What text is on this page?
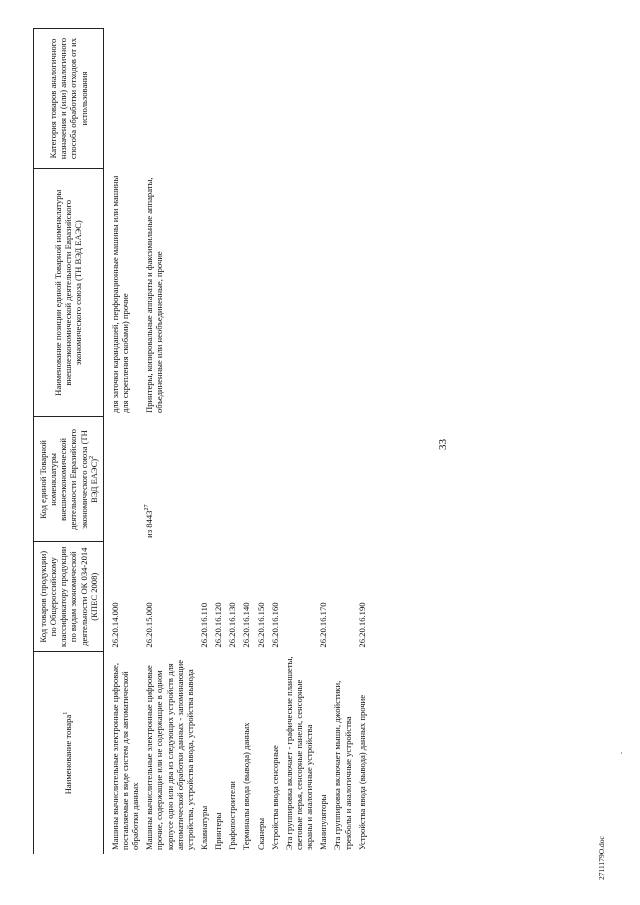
Наименование товара$^1$	Код товаров (продукции) по Общероссийскому классификатору продукции по видам экономической деятельности ОК 034-2014 (КПЕС 2008)	Код единой Товарной номенклатуры внешнеэкономической деятельности Евразийского экономического союза (ТН ВЭД ЕАЭС)$^2$	Наименование позиции единой Товарной номенклатуры внешнеэкономической деятельности Евразийского экономического союза (ТН ВЭД ЕАЭС)	Категория товаров аналогичного назначения и (или) аналогичного способа обработки отходов от их использования
Машины вычислительные электронные цифровые, поставляемые в виде систем для автоматической обработки данных	26.20.14.000		для заточки карандашей, перфорационные машины или машины для скрепления скобами) прочие	
Машины вычислительные электронные цифровые прочие, содержащие или не содержащие в одном корпусе одно или два из следующих устройств для автоматической обработки данных - запоминающие устройства, устройства ввода, устройства вывода	26.20.15.000	из 8443$^{27}$	Принтеры, копировальные аппараты и факсимильные аппараты, объединенные или необъединенные, прочие	
Клавиатуры	26.20.16.110			
Принтеры	26.20.16.120			
Графопостроители	26.20.16.130			
Терминалы ввода (вывода) данных	26.20.16.140			
Сканеры	26.20.16.150			
Устройства ввода сенсорные	26.20.16.160			
Эта группировка включает - графические планшеты, световые перья, сенсорные панели, сенсорные экраны и аналогичные устройства				
Манипуляторы	26.20.16.170			
Эта группировка включает мыши, джойстики, трекболы и аналогичные устройства				
Устройства ввода (вывода) данных прочие	26.20.16.190			
33
2711179O.doc
.
